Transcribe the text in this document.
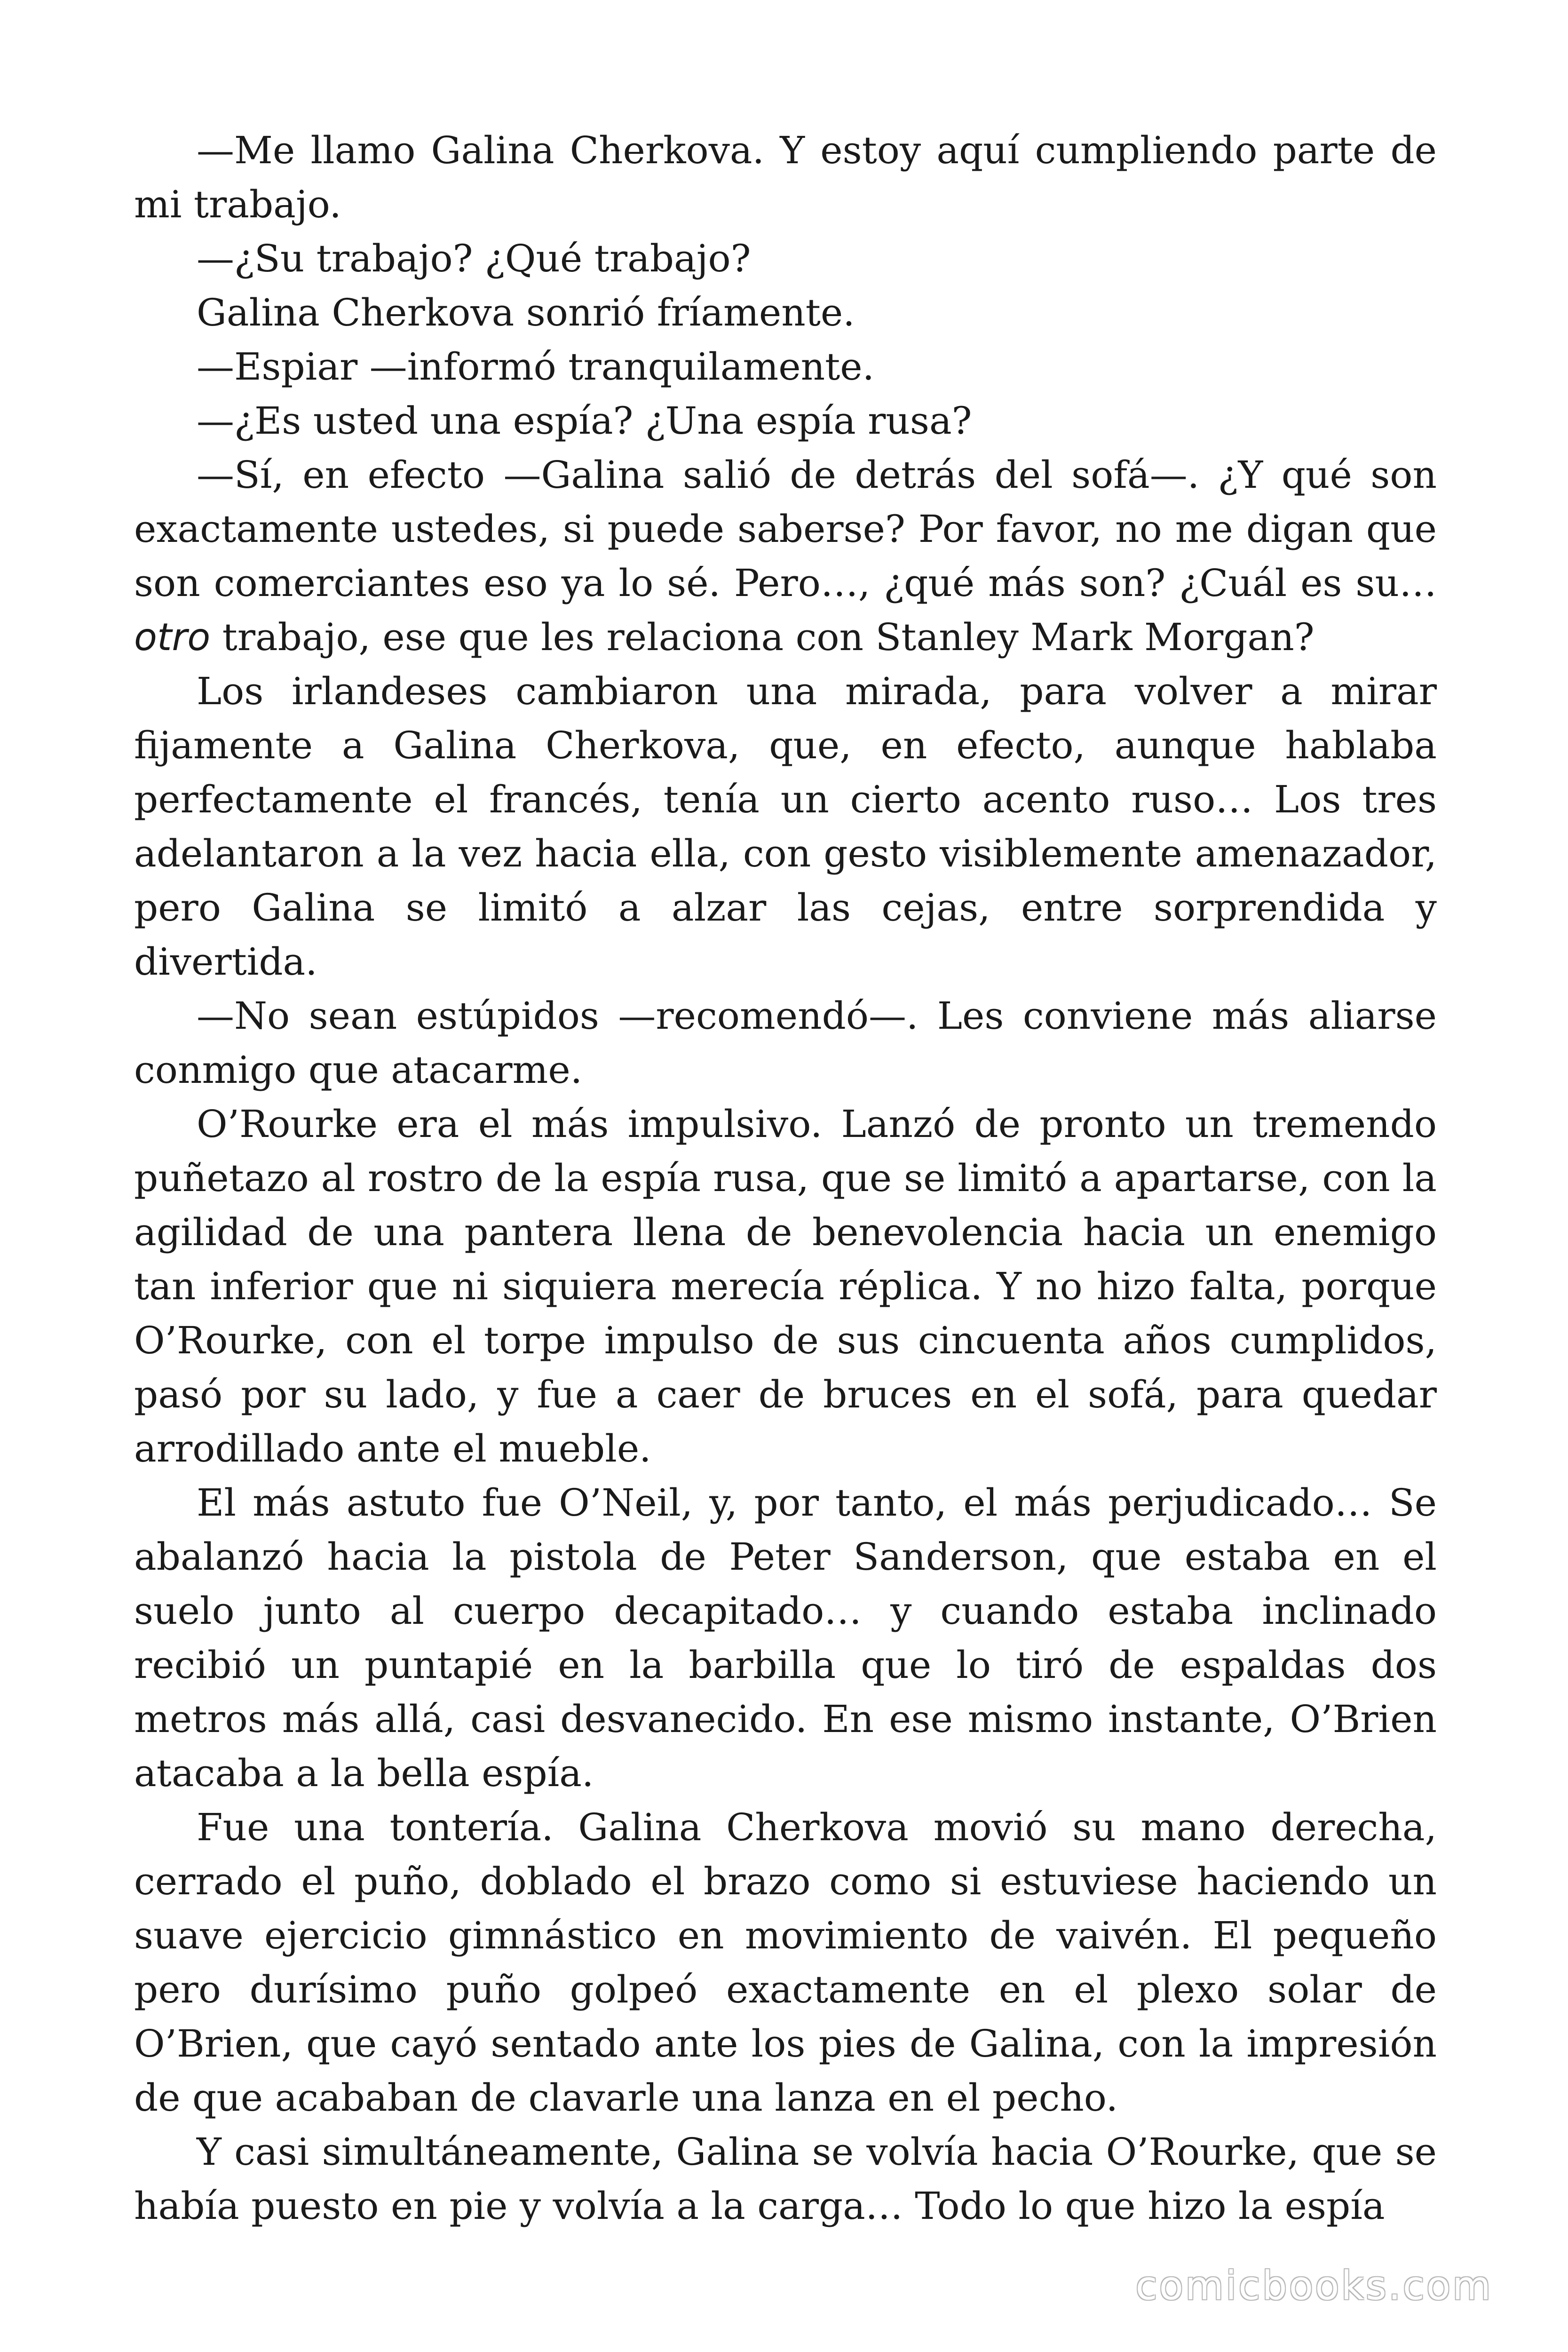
—Me llamo Galina Cherkova. Y estoy aquí cumpliendo parte de mi trabajo.

—¿Su trabajo? ¿Qué trabajo?

Galina Cherkova sonrió fríamente.

—Espiar —informó tranquilamente.

—¿Es usted una espía? ¿Una espía rusa?

—Sí, en efecto —Galina salió de detrás del sofá—. ¿Y qué son exactamente ustedes, si puede saberse? Por favor, no me digan que son comerciantes eso ya lo sé. Pero…, ¿qué más son? ¿Cuál es su… otro trabajo, ese que les relaciona con Stanley Mark Morgan?

Los irlandeses cambiaron una mirada, para volver a mirar fijamente a Galina Cherkova, que, en efecto, aunque hablaba perfectamente el francés, tenía un cierto acento ruso… Los tres adelantaron a la vez hacia ella, con gesto visiblemente amenazador, pero Galina se limitó a alzar las cejas, entre sorprendida y divertida.

—No sean estúpidos —recomendó—. Les conviene más aliarse conmigo que atacarme.

O’Rourke era el más impulsivo. Lanzó de pronto un tremendo puñetazo al rostro de la espía rusa, que se limitó a apartarse, con la agilidad de una pantera llena de benevolencia hacia un enemigo tan inferior que ni siquiera merecía réplica. Y no hizo falta, porque O’Rourke, con el torpe impulso de sus cincuenta años cumplidos, pasó por su lado, y fue a caer de bruces en el sofá, para quedar arrodillado ante el mueble.

El más astuto fue O’Neil, y, por tanto, el más perjudicado… Se abalanzó hacia la pistola de Peter Sanderson, que estaba en el suelo junto al cuerpo decapitado… y cuando estaba inclinado recibió un puntapié en la barbilla que lo tiró de espaldas dos metros más allá, casi desvanecido. En ese mismo instante, O’Brien atacaba a la bella espía.

Fue una tontería. Galina Cherkova movió su mano derecha, cerrado el puño, doblado el brazo como si estuviese haciendo un suave ejercicio gimnástico en movimiento de vaivén. El pequeño pero durísimo puño golpeó exactamente en el plexo solar de O’Brien, que cayó sentado ante los pies de Galina, con la impresión de que acababan de clavarle una lanza en el pecho.

Y casi simultáneamente, Galina se volvía hacia O’Rourke, que se había puesto en pie y volvía a la carga… Todo lo que hizo la espía

comicbooks.com
